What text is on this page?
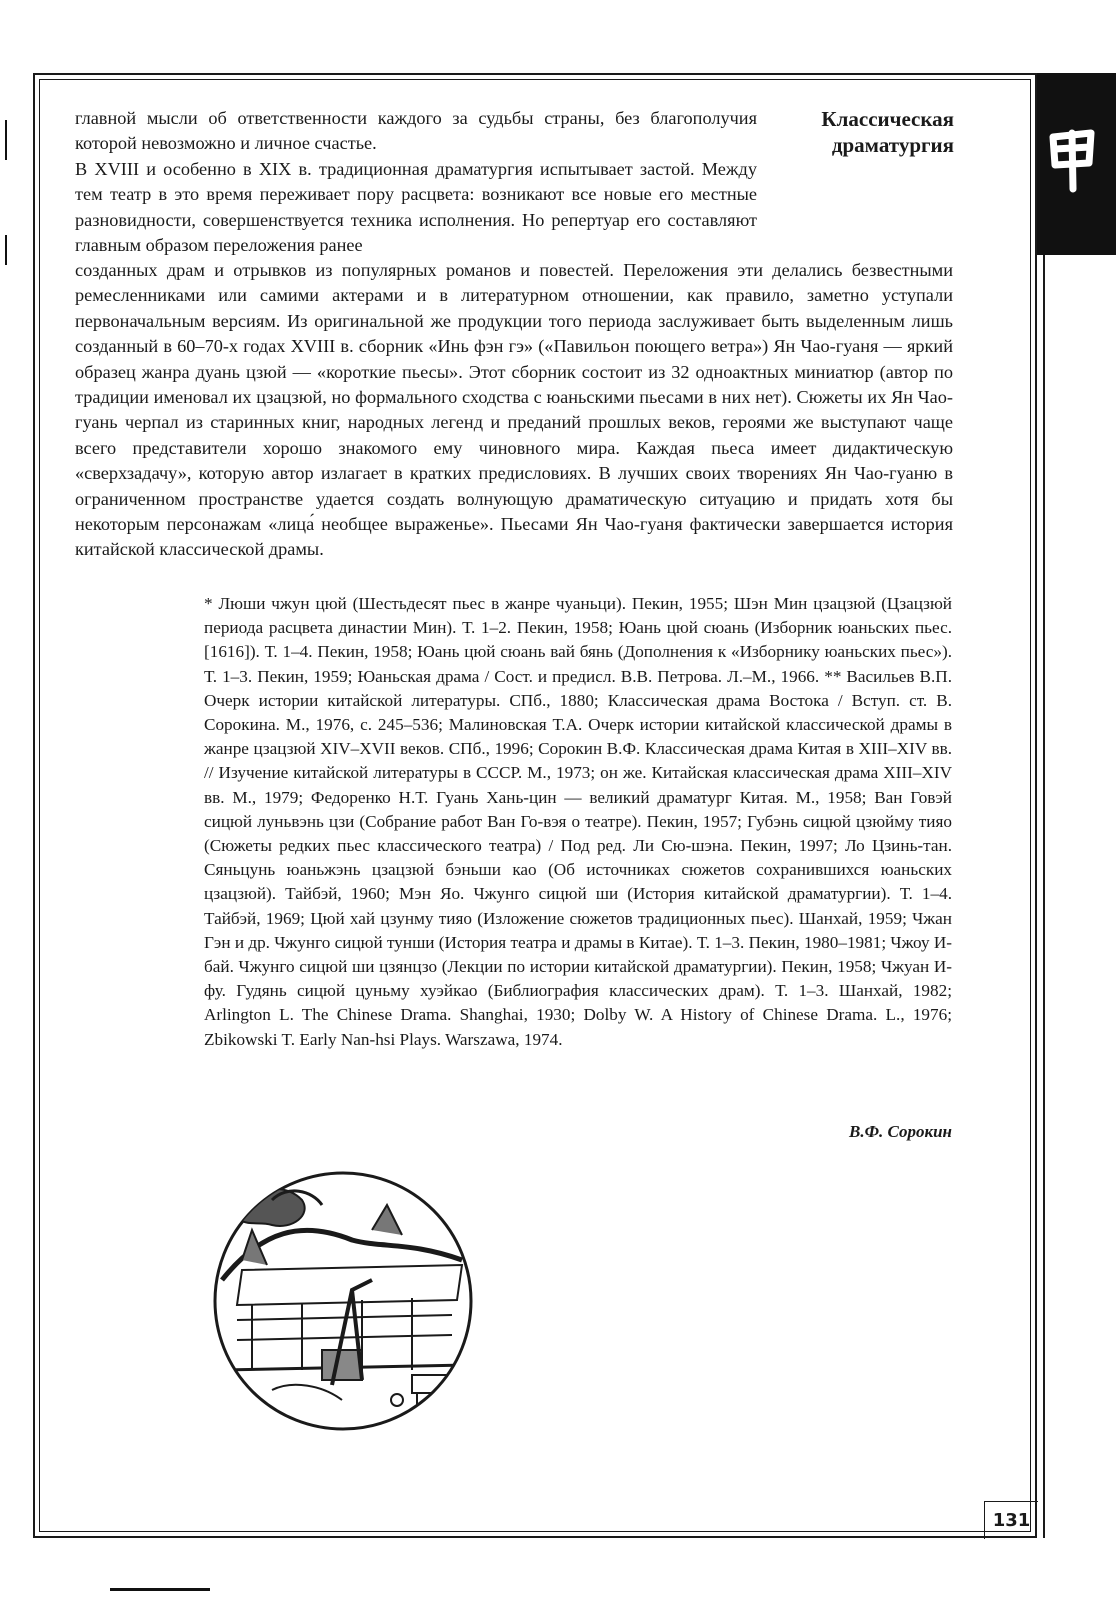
Классическая
драматургия

главной мысли об ответственности каждого за судьбы страны, без благополучия которой невозможно и личное счастье.

В XVIII и особенно в XIX в. традиционная драматургия испытывает застой. Между тем театр в это время переживает пору расцвета: возникают все новые его местные разновидности, совершенствуется техника исполнения. Но репертуар его составляют главным образом переложения ранее

созданных драм и отрывков из популярных романов и повестей. Переложения эти делались безвестными ремесленниками или самими актерами и в литературном отношении, как правило, заметно уступали первоначальным версиям. Из оригинальной же продукции того периода заслуживает быть выделенным лишь созданный в 60–70-х годах XVIII в. сборник «Инь фэн гэ» («Павильон поющего ветра») Ян Чао-гуаня — яркий образец жанра дуань цзюй — «короткие пьесы». Этот сборник состоит из 32 одноактных миниатюр (автор по традиции именовал их цзацзюй, но формального сходства с юаньскими пьесами в них нет). Сюжеты их Ян Чао-гуань черпал из старинных книг, народных легенд и преданий прошлых веков, героями же выступают чаще всего представители хорошо знакомого ему чиновного мира. Каждая пьеса имеет дидактическую «сверхзадачу», которую автор излагает в кратких предисловиях. В лучших своих творениях Ян Чао-гуаню в ограниченном пространстве удается создать волнующую драматическую ситуацию и придать хотя бы некоторым персонажам «лица́ необщее выраженье». Пьесами Ян Чао-гуаня фактически завершается история китайской классической драмы.

* Люши чжун цюй (Шестьдесят пьес в жанре чуаньци). Пекин, 1955; Шэн Мин цзацзюй (Цзацзюй периода расцвета династии Мин). Т. 1–2. Пекин, 1958; Юань цюй сюань (Изборник юаньских пьес. [1616]). Т. 1–4. Пекин, 1958; Юань цюй сюань вай бянь (Дополнения к «Изборнику юаньских пьес»). Т. 1–3. Пекин, 1959; Юаньская драма / Сост. и предисл. В.В. Петрова. Л.–М., 1966. ** Васильев В.П. Очерк истории китайской литературы. СПб., 1880; Классическая драма Востока / Вступ. ст. В. Сорокина. М., 1976, с. 245–536; Малиновская Т.А. Очерк истории китайской классической драмы в жанре цзацзюй XIV–XVII веков. СПб., 1996; Сорокин В.Ф. Классическая драма Китая в XIII–XIV вв. // Изучение китайской литературы в СССР. М., 1973; он же. Китайская классическая драма XIII–XIV вв. М., 1979; Федоренко Н.Т. Гуань Хань-цин — великий драматург Китая. М., 1958; Ван Говэй сицюй луньвэнь цзи (Собрание работ Ван Го-вэя о театре). Пекин, 1957; Губэнь сицюй цзюйму тияо (Сюжеты редких пьес классического театра) / Под ред. Ли Сю-шэна. Пекин, 1997; Ло Цзинь-тан. Сяньцунь юаньжэнь цзацзюй бэньши као (Об источниках сюжетов сохранившихся юаньских цзацзюй). Тайбэй, 1960; Мэн Яо. Чжунго сицюй ши (История китайской драматургии). Т. 1–4. Тайбэй, 1969; Цюй хай цзунму тияо (Изложение сюжетов традиционных пьес). Шанхай, 1959; Чжан Гэн и др. Чжунго сицюй тунши (История театра и драмы в Китае). Т. 1–3. Пекин, 1980–1981; Чжоу И-бай. Чжунго сицюй ши цзянцзо (Лекции по истории китайской драматургии). Пекин, 1958; Чжуан И-фу. Гудянь сицюй цуньму хуэйкао (Библиография классических драм). Т. 1–3. Шанхай, 1982; Arlington L. The Chinese Drama. Shanghai, 1930; Dolby W. A History of Chinese Drama. L., 1976; Zbikowski T. Early Nan-hsi Plays. Warszawa, 1974.

В.Ф. Сорокин
131
